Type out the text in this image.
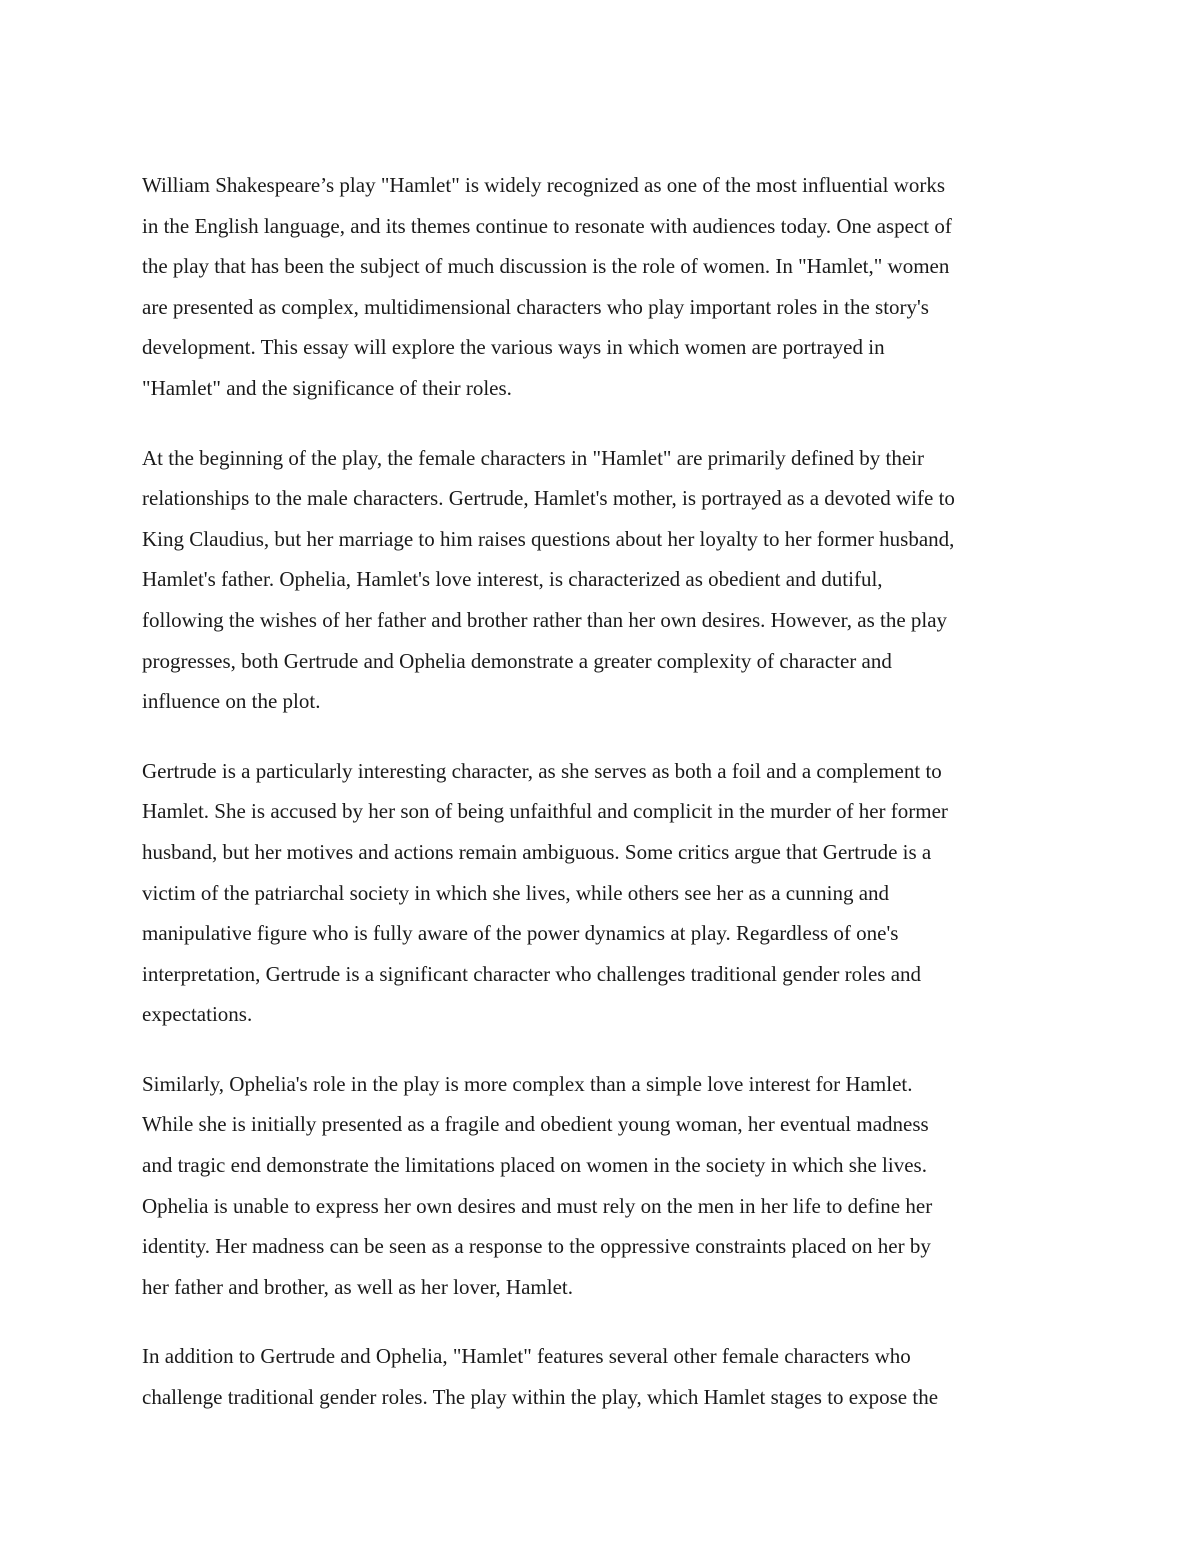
William Shakespeare’s play "Hamlet" is widely recognized as one of the most influential works
in the English language, and its themes continue to resonate with audiences today. One aspect of
the play that has been the subject of much discussion is the role of women. In "Hamlet," women
are presented as complex, multidimensional characters who play important roles in the story's
development. This essay will explore the various ways in which women are portrayed in
"Hamlet" and the significance of their roles.

At the beginning of the play, the female characters in "Hamlet" are primarily defined by their
relationships to the male characters. Gertrude, Hamlet's mother, is portrayed as a devoted wife to
King Claudius, but her marriage to him raises questions about her loyalty to her former husband,
Hamlet's father. Ophelia, Hamlet's love interest, is characterized as obedient and dutiful,
following the wishes of her father and brother rather than her own desires. However, as the play
progresses, both Gertrude and Ophelia demonstrate a greater complexity of character and
influence on the plot.

Gertrude is a particularly interesting character, as she serves as both a foil and a complement to
Hamlet. She is accused by her son of being unfaithful and complicit in the murder of her former
husband, but her motives and actions remain ambiguous. Some critics argue that Gertrude is a
victim of the patriarchal society in which she lives, while others see her as a cunning and
manipulative figure who is fully aware of the power dynamics at play. Regardless of one's
interpretation, Gertrude is a significant character who challenges traditional gender roles and
expectations.

Similarly, Ophelia's role in the play is more complex than a simple love interest for Hamlet.
While she is initially presented as a fragile and obedient young woman, her eventual madness
and tragic end demonstrate the limitations placed on women in the society in which she lives.
Ophelia is unable to express her own desires and must rely on the men in her life to define her
identity. Her madness can be seen as a response to the oppressive constraints placed on her by
her father and brother, as well as her lover, Hamlet.

In addition to Gertrude and Ophelia, "Hamlet" features several other female characters who
challenge traditional gender roles. The play within the play, which Hamlet stages to expose the
